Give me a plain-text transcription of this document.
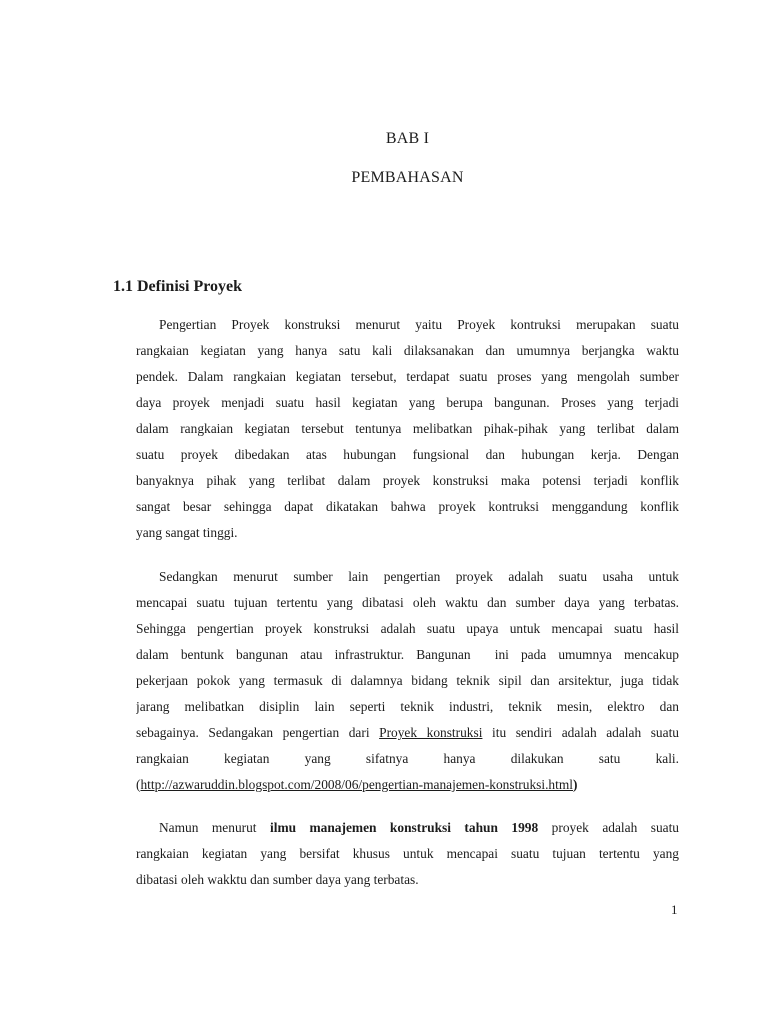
BAB I
PEMBAHASAN
1.1 Definisi Proyek
Pengertian Proyek konstruksi menurut yaitu Proyek kontruksi merupakan suatu
rangkaian kegiatan yang hanya satu kali dilaksanakan dan umumnya berjangka waktu
pendek. Dalam rangkaian kegiatan tersebut, terdapat suatu proses yang mengolah sumber
daya proyek menjadi suatu hasil kegiatan yang berupa bangunan. Proses yang terjadi
dalam rangkaian kegiatan tersebut tentunya melibatkan pihak-pihak yang terlibat dalam
suatu proyek dibedakan atas hubungan fungsional dan hubungan kerja. Dengan
banyaknya pihak yang terlibat dalam proyek konstruksi maka potensi terjadi konflik
sangat besar sehingga dapat dikatakan bahwa proyek kontruksi menggandung konflik
yang sangat tinggi.
Sedangkan menurut sumber lain pengertian proyek adalah suatu usaha untuk
mencapai suatu tujuan tertentu yang dibatasi oleh waktu dan sumber daya yang terbatas.
Sehingga pengertian proyek konstruksi adalah suatu upaya untuk mencapai suatu hasil
dalam bentunk bangunan atau infrastruktur. Bangunan  ini pada umumnya mencakup
pekerjaan pokok yang termasuk di dalamnya bidang teknik sipil dan arsitektur, juga tidak
jarang melibatkan disiplin lain seperti teknik industri, teknik mesin, elektro dan
sebagainya. Sedangakan pengertian dari Proyek konstruksi itu sendiri adalah adalah suatu
rangkaian kegiatan yang sifatnya hanya dilakukan satu kali.
(http://azwaruddin.blogspot.com/2008/06/pengertian-manajemen-konstruksi.html)
Namun menurut ilmu manajemen konstruksi tahun 1998 proyek adalah suatu
rangkaian kegiatan yang bersifat khusus untuk mencapai suatu tujuan tertentu yang
dibatasi oleh wakktu dan sumber daya yang terbatas.
1
